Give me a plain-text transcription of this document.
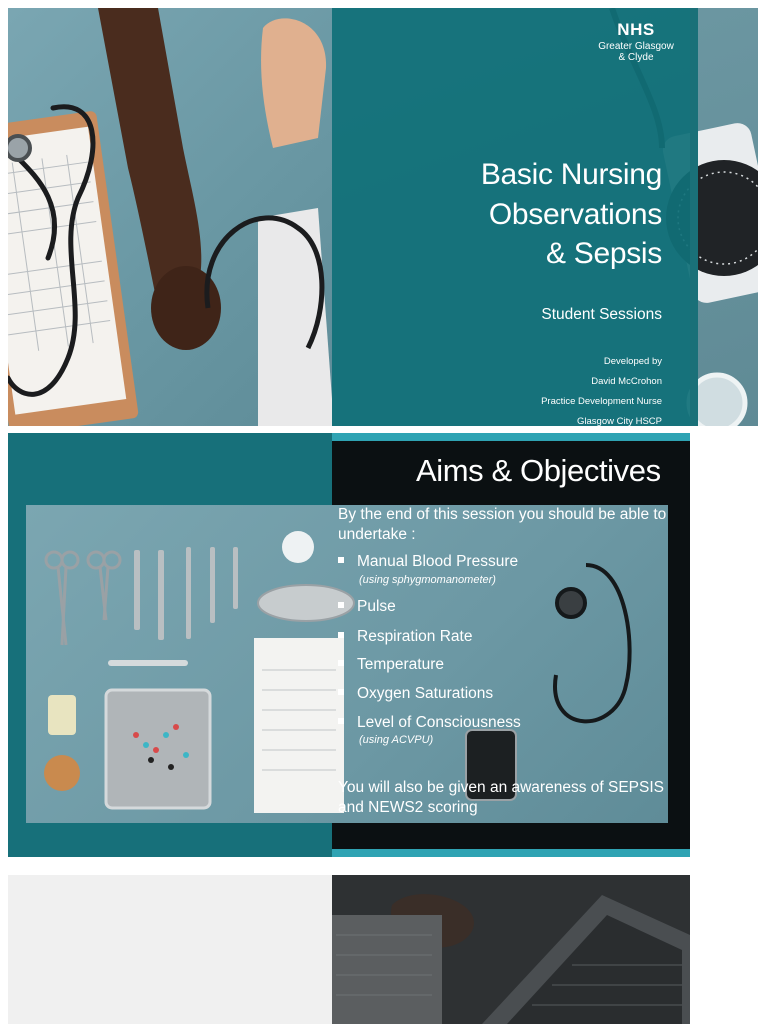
NHS
Greater Glasgow
& Clyde
Basic Nursing
Observations
& Sepsis
Student Sessions
Developed by
David McCrohon
Practice Development Nurse
Glasgow City HSCP
Aims & Objectives
By the end of this session you should be able to undertake :
Manual Blood Pressure
(using sphygmomanometer)
Pulse
Respiration Rate
Temperature
Oxygen Saturations
Level of Consciousness
(using ACVPU)
You will also be given an awareness of SEPSIS and NEWS2 scoring
